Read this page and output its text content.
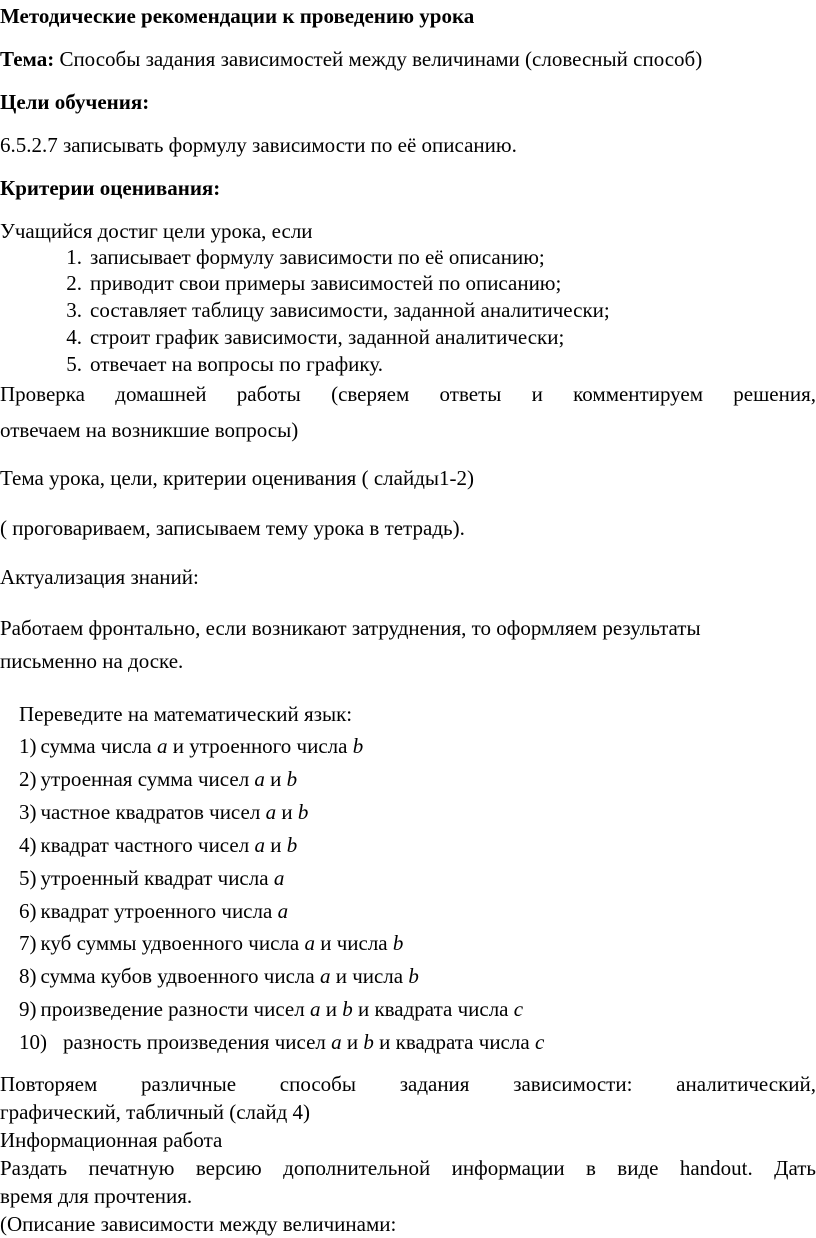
Методические рекомендации к проведению урока
Тема: Способы задания зависимостей между величинами (словесный способ)
Цели обучения:
6.5.2.7 записывать формулу зависимости по её описанию.
Критерии оценивания:
Учащийся достиг цели урока, если
1. записывает формулу зависимости по её описанию;
2. приводит свои примеры зависимостей по описанию;
3. составляет таблицу зависимости, заданной аналитически;
4. строит график зависимости, заданной аналитически;
5. отвечает на вопросы по графику.
Проверка домашней работы (сверяем ответы и комментируем решения,
отвечаем на возникшие вопросы)
Тема урока, цели, критерии оценивания ( слайды1-2)
( проговариваем, записываем тему урока в тетрадь).
Актуализация знаний:
Работаем фронтально, если возникают затруднения, то оформляем результаты
письменно на доске.
Переведите на математический язык:
1) сумма числа a и утроенного числа b
2) утроенная сумма чисел a и b
3) частное квадратов чисел a и b
4) квадрат частного чисел a и b
5) утроенный квадрат числа a
6) квадрат утроенного числа a
7) куб суммы удвоенного числа a и числа b
8) сумма кубов удвоенного числа a и числа b
9) произведение разности чисел a и b и квадрата числа c
10) разность произведения чисел a и b и квадрата числа c
Повторяем различные способы задания зависимости: аналитический,
графический, табличный (слайд 4)
Информационная работа
Раздать печатную версию дополнительной информации в виде handout. Дать
время для прочтения.
(Описание зависимости между величинами:
